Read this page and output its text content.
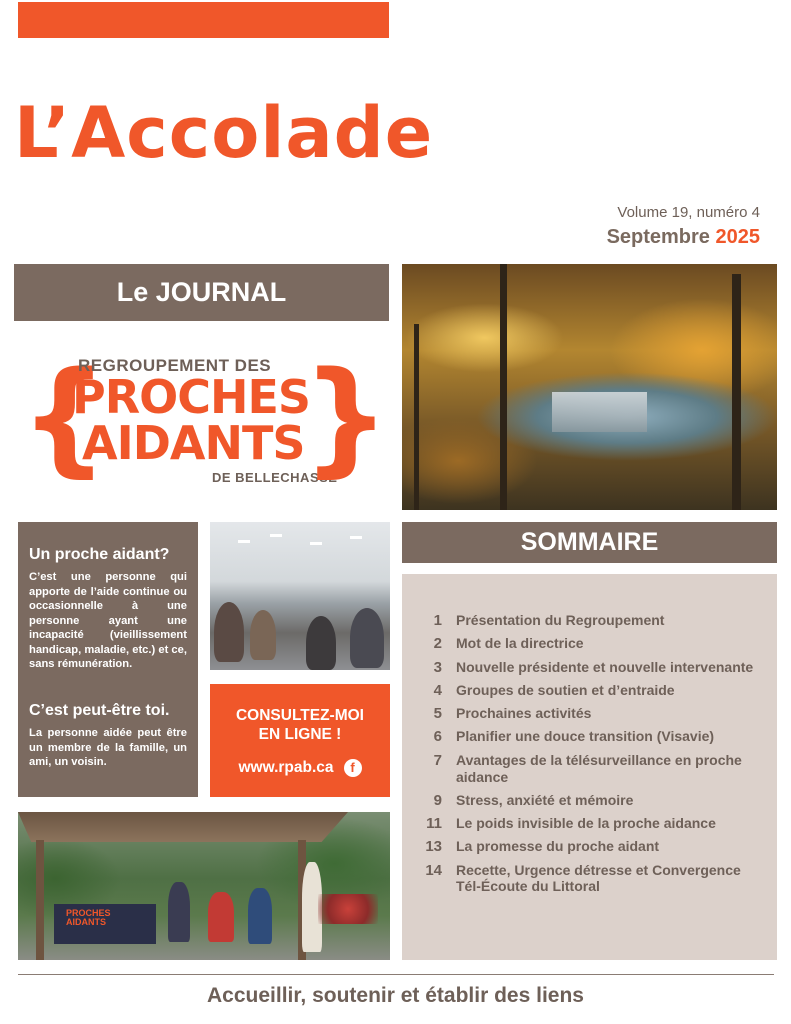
L’Accolade
Volume 19, numéro 4
Septembre 2025
Le JOURNAL
{
REGROUPEMENT DES
PROCHES
AIDANTS
DE BELLECHASSE
}
Un proche aidant?
C’est une personne qui apporte de l’aide continue ou occasionnelle à une personne ayant une incapacité (vieillissement handicap, maladie, etc.) et ce, sans rémunération.
C’est peut-être toi.
La personne aidée peut être un membre de la famille, un ami, un voisin.
CONSULTEZ-MOI
EN LIGNE !
www.rpab.ca	f
SOMMAIRE
1 Présentation du Regroupement
2 Mot de la directrice
3 Nouvelle présidente et nouvelle intervenante
4 Groupes de soutien et d’entraide
5 Prochaines activités
6 Planifier une douce transition (Visavie)
7 Avantages de la télésurveillance en proche aidance
9 Stress, anxiété et mémoire
11 Le poids invisible de la proche aidance
13 La promesse du proche aidant
14 Recette, Urgence détresse et Convergence Tél-Écoute du Littoral
PROCHES
AIDANTS
Accueillir, soutenir et établir des liens
